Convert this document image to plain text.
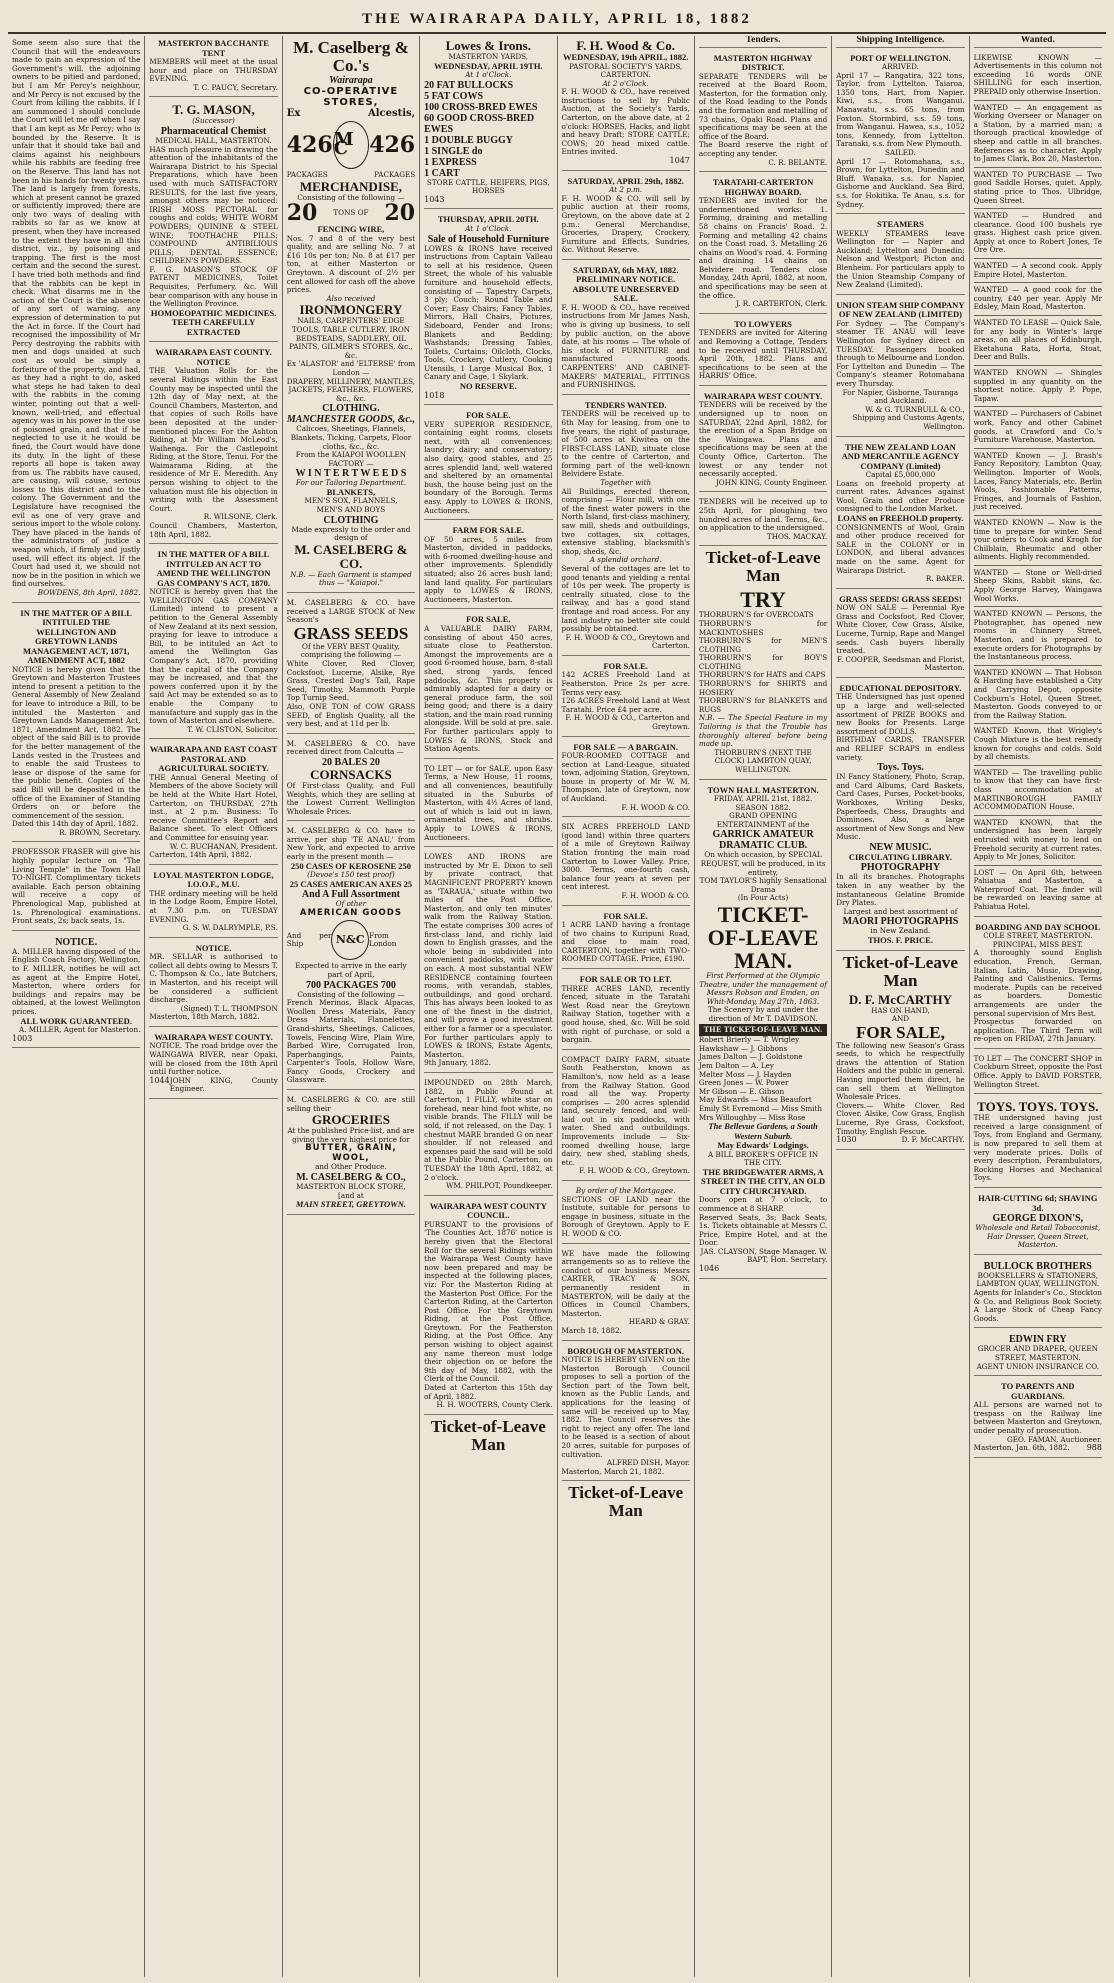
THE WAIRARAPA DAILY, APRIL 18, 1882
Some seem also sure that the Council that will the endeavours made to gain an expression of the Government's will, the adjoining owners to be pitied and pardoned, but I am Mr Percy's neighbour, and Mr Percy is not excused by the Court from killing the rabbits. If I am summoned I should conclude the Court will let me off when I say that I am kept as Mr Percy; who is bounded by the Reserve. It is unfair that it should take bail and claims against his neighbours while his rabbits are feeding free on the Reserve. This land has not been in his hands for twenty years. The land is largely from forests, which at present cannot be grazed or sufficiently improved; there are only two ways of dealing with rabbits so far as we know at present, when they have increased to the extent they have in all this district, viz., by poisoning and trapping. The first is the most certain and the second the surest. I have tried both methods and find that the rabbits can be kept in check. What disarms me in the action of the Court is the absence of any sort of warning, any expression of determination to put the Act in force. If the Court had recognised the impossibility of Mr Percy destroying the rabbits with men and dogs unaided at such cost as would be simply a forfeiture of the property, and had, as they had a right to do, asked what steps he had taken to deal with the rabbits in the coming winter, pointing out that a well-known, well-tried, and effectual agency was in his power in the use of poisoned grain, and that if he neglected to use it he would be fined, the Court would have done its duty. In the light of these reports all hope is taken away from us. The rabbits have caused, are causing, will cause, serious losses to this district and to the colony. The Government and the Legislature have recognised the evil as one of very grave and serious import to the whole colony. They have placed in the hands of the administrators of justice a weapon which, if firmly and justly used, will effect its object. If the Court had used it, we should not now be in the position in which we find ourselves.
BOWDENS, 8th April, 1882.
IN THE MATTER OF A BILL INTITULED THE WELLINGTON AND GREYTOWN LANDS MANAGEMENT ACT, 1871, AMENDMENT ACT, 1882
NOTICE is hereby given that the Greytown and Masterton Trustees intend to present a petition to the General Assembly of New Zealand for leave to introduce a Bill, to be intituled the Masterton and Greytown Lands Management Act, 1871, Amendment Act, 1882. The object of the said Bill is to provide for the better management of the Lands vested in the Trustees and to enable the said Trustees to lease or dispose of the same for the public benefit. Copies of the said Bill will be deposited in the office of the Examiner of Standing Orders on or before the commencement of the session.
Dated this 14th day of April, 1882.
R. BROWN, Secretary.
PROFESSOR FRASER will give his highly popular lecture on "The Living Temple" in the Town Hall TO-NIGHT. Complimentary tickets available. Each person obtaining will receive a copy of Phrenological Map, published at 1s. Phrenological examinations. Front seats, 2s; back seats, 1s.
NOTICE.
A. MILLER having disposed of the English Coach Factory, Wellington, to F. MILLER, notifies he will act as agent at the Empire Hotel, Masterton, where orders for buildings and repairs may be obtained, at the lowest Wellington prices.
ALL WORK GUARANTEED.
A. MILLER, Agent for Masterton.
1003
MASTERTON BACCHANTE TENT
MEMBERS will meet at the usual hour and place on THURSDAY EVENING.
T. C. PAUCY, Secretary.
T. G. MASON,
(Successor)
Pharmaceutical Chemist
MEDICAL HALL, MASTERTON.
HAS much pleasure in drawing the attention of the inhabitants of the Wairarapa District to his Special Preparations, which have been used with much SATISFACTORY RESULTS, for the last five years, amongst others may be noticed: IRISH MOSS PECTORAL for coughs and colds; WHITE WORM POWDERS; QUININE & STEEL WINE; TOOTHACHE PILLS; COMPOUND ANTIBILIOUS PILLS; DENTAL ESSENCE; CHILDREN'S POWDERS.
F. G. MASON'S STOCK OF PATENT MEDICINES, Toilet Requisites, Perfumery, &c. Will bear comparison with any house in the Wellington Province.
HOMOEOPATHIC MEDICINES.
TEETH CAREFULLY EXTRACTED
WAIRARAPA EAST COUNTY.
NOTICE
THE Valuation Rolls for the several Ridings within the East County may be inspected until the 12th day of May next, at the Council Chambers, Masterton, and that copies of such Rolls have been deposited at the under-mentioned places: For the Ashton Riding, at Mr William McLeod's, Waihenga. For the Castlepoint Riding, at the Store, Tenui. For the Waimarama Riding, at the residence of Mr E. Meredith. Any person wishing to object to the valuation must file his objection in writing with the Assessment Court.
R. WILSONE, Clerk.
Council Chambers, Masterton, 18th April, 1882.
IN THE MATTER OF A BILL INTITULED AN ACT TO AMEND THE WELLINGTON GAS COMPANY'S ACT, 1870.
NOTICE is hereby given that the WELLINGTON GAS COMPANY (Limited) intend to present a petition to the General Assembly of New Zealand at its next session, praying for leave to introduce a Bill, to be intituled an Act to amend the Wellington Gas Company's Act, 1870, providing that the capital of the Company may be increased, and that the powers conferred upon it by the said Act may be extended so as to enable the Company to manufacture and supply gas in the town of Masterton and elsewhere.
T. W. CLISTON, Solicitor.
WAIRARAPA AND EAST COAST PASTORAL AND AGRICULTURAL SOCIETY.
THE Annual General Meeting of Members of the above Society will be held at the White Hart Hotel, Carterton, on THURSDAY, 27th inst., at 2 p.m. Business: To receive Committee's Report and Balance sheet. To elect Officers and Committee for ensuing year.
W. C. BUCHANAN, President.
Carterton, 14th April, 1882.
LOYAL MASTERTON LODGE, I.O.O.F., M.U.
THE ordinary meeting will be held in the Lodge Room, Empire Hotel, at 7.30 p.m. on TUESDAY EVENING.
G. S. W. DALRYMPLE, P.S.
NOTICE.
MR. SELLAR is authorised to collect all debts owing to Messrs T. C. Thompson & Co., late Butchers, in Masterton, and his receipt will be considered a sufficient discharge.
(Signed) T. L. THOMPSON
Masterton, 18th March, 1882.
WAIRARAPA WEST COUNTY.
NOTICE. The road bridge over the WAINGAWA RIVER, near Opaki, will be closed from the 18th April until further notice.
1044 JOHN KING, County Engineer.
M. Caselberg & Co.'s
Wairarapa
CO-OPERATIVE STORES,
Ex	Alcestis,
426 M C 426
PACKAGES	PACKAGES
MERCHANDISE,
Consisting of the following —
20 TONS OF 20
FENCING WIRE,
Nos. 7 and 8 of the very best quality, and are selling No. 7 at £16 10s per ton; No. 8 at £17 per ton, at either Masterton or Greytown. A discount of 2½ per cent allowed for cash off the above prices.
Also received
IRONMONGERY
NAILS, CARPENTERS' EDGE TOOLS, TABLE CUTLERY, IRON BEDSTEADS, SADDLERY, OIL PAINTS, GILMER'S STORES, &c., &c.
Ex 'ALASTOR' and 'ELTERSE' from London —
DRAPERY, MILLINERY, MANTLES, JACKETS, FEATHERS, FLOWERS, &c., &c.
CLOTHING.
MANCHESTER GOODS, &c.,
Calicoes, Sheetings, Flannels, Blankets, Ticking, Carpets, Floor cloths, &c., &c.
From the KAIAPOI WOOLLEN FACTORY —
W I N T E R T W E E D S
For our Tailoring Department.
BLANKETS,
MEN'S SOX, FLANNELS,
MEN'S AND BOYS
CLOTHING
Made expressly to the order and design of
M. CASELBERG & CO.
N.B. — Each Garment is stamped thus — "Kaiapoi."
M. CASELBERG & CO. have received a LARGE STOCK of New Season's
GRASS SEEDS
Of the VERY BEST Quality, comprising the following —
White Clover, Red Clover, Cocksfoot, Lucerne, Alsike, Rye Grass, Crested Dog's Tail, Rape Seed, Timothy, Mammoth Purple Top Turnip Seed.
Also, ONE TON of COW GRASS SEED, of English Quality, all the very best, and at 11d per lb.
M. CASELBERG & CO. have received direct from Calcutta —
20 BALES 20
CORNSACKS
Of First-class Quality, and Full Weights, which they are selling at the Lowest Current Wellington Wholesale Prices.
M. CASELBERG & CO. have to arrive, per ship 'TE ANAU,' from New York, and expected to arrive early in the present month —
250 CASES OF KEROSENE 250
(Devoe's 150 test proof)
25 CASES AMERICAN AXES 25
And A Full Assortment
Of other
AMERICAN GOODS
And per Ship	N&C From London
Expected to arrive in the early part of April,
700 PACKAGES 700
Consisting of the following —
French Merinos, Black Alpacas, Woollen Dress Materials, Fancy Dress Materials, Flannelettes, Grand-shirts, Sheetings, Calicoes, Towels, Fencing Wire, Plain Wire, Barbed Wire, Corrugated Iron, Paperhangings, Paints, Carpenter's Tools, Hollow Ware, Fancy Goods, Crockery and Glassware.
M. CASELBERG & CO. are still selling their
GROCERIES
At the published Price-list, and are giving the very highest price for
BUTTER, GRAIN, WOOL,
and Other Produce.
M. CASELBERG & CO.,
MASTERTON BLOCK STORE,
[and at
MAIN STREET, GREYTOWN.
Lowes & Irons.
MASTERTON YARDS,
WEDNESDAY, APRIL 19TH.
At 1 o'Clock.
20 FAT BULLOCKS
5 FAT COWS
100 CROSS-BRED EWES
60 GOOD CROSS-BRED EWES
1 DOUBLE BUGGY
1 SINGLE do
1 EXPRESS
1 CART
STORE CATTLE, HEIFERS, PIGS, HORSES
1043
THURSDAY, APRIL 20TH.
At 1 o'Clock.
Sale of Household Furniture
LOWES & IRONS have received instructions from Captain Valleau to sell at his residence, Queen Street, the whole of his valuable furniture and household effects, consisting of — Tapestry Carpets, 3 ply; Couch; Round Table and Cover; Easy Chairs; Fancy Tables, Mirrors, Hall Chairs, Pictures, Sideboard, Fender and Irons; Blankets and Bedding; Washstands; Dressing Tables, Toilets, Curtains; Oilcloth, Clocks, Tools, Crockery, Cutlery, Cooking Utensils, 1 Large Musical Box, 1 Canary and Cage, 1 Skylark.
NO RESERVE.
1018
FOR SALE.
VERY SUPERIOR RESIDENCE, containing eight rooms, closets next, with all conveniences; laundry; dairy; and conservatory; also dairy, good stables, and 25 acres splendid land, well watered and sheltered by an ornamental bush, the house being just on the boundary of the Borough. Terms easy. Apply to LOWES & IRONS, Auctioneers.
FARM FOR SALE.
OF 50 acres, 5 miles from Masterton, divided in paddocks, with 6-roomed dwelling-house and other improvements. Splendidly situated; also 26 acres bush land; land land quality. For particulars apply to LOWES & IRONS, Auctioneers, Masterton.
FOR SALE.
A VALUABLE DAIRY FARM, consisting of about 450 acres, situate close to Featherston. Amongst the improvements are a good 6-roomed house, barn, 8-stall shed, strong yards, fenced paddocks, &c. This property is admirably adapted for a dairy or general produce farm, the soil being good; and there is a dairy station, and the main road running alongside. Will be sold at pre. sale. For further particulars apply to LOWES & IRONS, Stock and Station Agents.
TO LET — or for SALE, upon Easy Terms, a New House, 11 rooms, and all conveniences, beautifully situated in the Suburbs of Masterton, with 4½ Acres of land, out of which is laid out in lawn, ornamental trees, and shrubs. Apply to LOWES & IRONS, Auctioneers.
LOWES AND IRONS are instructed by Mr E. Dixon to sell by private contract, that MAGNIFICENT PROPERTY known as 'TARAUA,' situate within two miles of the Post Office, Masterton, and only ten minutes' walk from the Railway Station. The estate comprises 300 acres of first-class land, and richly laid down to English grasses, and the whole being in subdivided into convenient paddocks, with water on each. A most substantial NEW RESIDENCE containing fourteen rooms, with verandah, stables, outbuildings, and good orchard. This has always been looked to as one of the finest in the district, and will prove a good investment either for a farmer or a speculator. For further particulars apply to LOWES & IRONS, Estate Agents, Masterton.
9th January, 1882.
IMPOUNDED on 28th March, 1882, in Public Pound at Carterton, 1 FILLY, white star on forehead, near hind foot white, no visible brands. The FILLY will be sold, if not released, on the Day. 1 chestnut MARE branded G on near shoulder. If not released and expenses paid the said will be sold at the Public Pound, Carterton, on TUESDAY the 18th April, 1882, at 2 o'clock.
WM. PHILPOT, Poundkeeper.
WAIRARAPA WEST COUNTY COUNCIL.
PURSUANT to the provisions of 'The Counties Act, 1876' notice is hereby given that the Electoral Roll for the several Ridings within the Wairarapa West County have now been prepared and may be inspected at the following places, viz: For the Masterton Riding at the Masterton Post Office. For the Carterton Riding, at the Carterton Post Office. For the Greytown Riding, at the Post Office, Greytown. For the Featherston Riding, at the Post Office. Any person wishing to object against any name thereon must lodge their objection on or before the 9th day of May, 1882, with the Clerk of the Council.
Dated at Carterton this 15th day of April, 1882.
H. H. WOOTERS, County Clerk.
Ticket-of-Leave Man
F. H. Wood & Co.
WEDNESDAY, 19th APRIL, 1882.
PASTORAL SOCIETY'S YARDS, CARTERTON.
At 2 o'Clock.
F. H. WOOD & CO., have received instructions to sell by Public Auction, at the Society's Yards, Carterton, on the above date, at 2 o'clock: HORSES, Hacks, and light and heavy Draft; STORE CATTLE; COWS; 20 head mixed cattle. Entries invited.
1047
SATURDAY, APRIL 29th, 1882.
At 2 p.m.
F. H. WOOD & CO. will sell by public auction at their rooms, Greytown, on the above date at 2 p.m.: General Merchandise, Groceries, Drapery, Crockery, Furniture and Effects, Sundries, &c. Without Reserve.
SATURDAY, 6th MAY, 1882.
PRELIMINARY NOTICE.
ABSOLUTE UNRESERVED SALE.
F. H. WOOD & CO., have received instructions from Mr James Nash, who is giving up business, to sell by public auction, on the above date, at his rooms — The whole of his stock of FURNITURE and manufactured goods. CARPENTERS' AND CABINET-MAKERS' MATERIAL, FITTINGS and FURNISHINGS.
TENDERS WANTED.
TENDERS will be received up to 6th May for leasing, from one to five years, the right of pasturage, of 500 acres at Kiwitea on the FIRST-CLASS LAND, situate close to the centre of Carterton, and forming part of the well-known Belvidere Estate.
Together with
All Buildings, erected thereon, comprising — Flour mill, with one of the finest water powers in the North Island, first-class machinery, saw mill, sheds and outbuildings, two cottages, six cottages, extensive stabling, blacksmith's shop, sheds, &c.
A splendid orchard.
Several of the cottages are let to good tenants and yielding a rental of 10s per week. The property is centrally situated, close to the railway, and has a good stand frontage and road access. For any land industry no better site could possibly be obtained.
F. H. WOOD & CO., Greytown and Carterton.
FOR SALE.
142 ACRES Freehold Land at Featherston. Price 2s per acre. Terms very easy.
126 ACRES Freehold Land at West Taratahi. Price £4 per acre.
F. H. WOOD & CO., Carterton and Greytown.
FOR SALE — A BARGAIN.
FOUR-ROOMED COTTAGE and section at Land-League, situated town, adjoining Station, Greytown, house in property of Mr W. M. Thompson, late of Greytown, now of Auckland.
F. H. WOOD & CO.
SIX ACRES FREEHOLD LAND (good land) within three quarters of a mile of Greytown Railway Station fronting the main road Carterton to Lower Valley. Price, 3000. Terms, one-fourth cash, balance four years at seven per cent interest.
F. H. WOOD & CO.
FOR SALE.
1 ACRE LAND having a frontage of two chains to Kuripuni Road, and close to main road, CARTERTON, together with TWO-ROOMED COTTAGE. Price, £190.
FOR SALE OR TO LET.
THREE ACRES LAND, recently fenced, situate in the Taratahi West Road near the Greytown Railway Station, together with a good house, shed, &c. Will be sold with right of purchase, or sold a bargain.
COMPACT DAIRY FARM, situate South Featherston, known as Hamilton's, now held as a lease from the Railway Station. Good road all the way. Property comprises — 200 acres splendid land, securely fenced, and well-laid out in six paddocks, with water. Shed and outbuildings. Improvements include — Six-roomed dwelling house, large dairy, new shed, stabling sheds, etc.
F. H. WOOD & CO., Greytown.
By order of the Mortgagee.
SECTIONS OF LAND near the Institute, suitable for persons to engage in business, situate in the Borough of Greytown. Apply to F. H. WOOD & CO.
WE have made the following arrangements so as to relieve the conduct of our business: Messrs CARTER, TRACY & SON, permanently resident in MASTERTON, will be daily at the Offices in Council Chambers, Masterton.
HEARD & GRAY.
March 18, 1882.
BOROUGH OF MASTERTON.
NOTICE IS HEREBY GIVEN on the Masterton Borough Council proposes to sell a portion of the Section part of the Town belt, known as the Public Lands, and applications for the leasing of same will be received up to May, 1882. The Council reserves the right to reject any offer. The land to be leased is a section of about 20 acres, suitable for purposes of cultivation.
ALFRED DISH, Mayor.
Masterton, March 21, 1882.
Ticket-of-Leave Man
Tenders.
MASTERTON HIGHWAY DISTRICT.
SEPARATE TENDERS will be received at the Board Room, Masterton, for the formation only, of the Road leading to the Ponds and the formation and metalling of 73 chains, Opaki Road. Plans and specifications may be seen at the office of the Board.
The Board reserve the right of accepting any tender.
C. R. BELANTE.
TARATAHI-CARTERTON HIGHWAY BOARD.
TENDERS are invited for the undermentioned works: 1. Forming, draining and metalling 58 chains on Francis' Road. 2. Forming and metalling 42 chains on the Coast road. 3. Metalling 26 chains on Wood's road. 4. Forming and draining 14 chains on Belvidere road. Tenders close Monday, 24th April, 1882, at noon, and specifications may be seen at the office.
J. R. CARTERTON, Clerk.
TO LOWYERS
TENDERS are invited for Altering and Removing a Cottage, Tenders to be received until THURSDAY, April 20th, 1882. Plans and specifications to be seen at the HARRIS' Office.
WAIRARAPA WEST COUNTY.
TENDERS will be received by the undersigned up to noon on SATURDAY, 22nd April, 1882, for the erection of a Span Bridge on the Waingawa. Plans and specifications may be seen at the County Office, Carterton. The lowest or any tender not necessarily accepted.
JOHN KING, County Engineer.
TENDERS will be received up to 25th April, for ploughing two hundred acres of land. Terms, &c., on application to the undersigned.
THOS. MACKAY.
Ticket-of-Leave Man
TRY
THORBURN'S for OVERCOATS
THORBURN'S for MACKINTOSHES
THORBURN'S for MEN'S CLOTHING
THORBURN'S for BOY'S CLOTHING
THORBURN'S for HATS and CAPS
THORBURN'S for SHIRTS and HOSIERY
THORBURN'S for BLANKETS and RUGS
N.B. — The Special Feature in my Tailoring is that the Trouble has thoroughly altered before being made up.
THORBURN'S (NEXT THE CLOCK) LAMBTON QUAY, WELLINGTON.
TOWN HALL MASTERTON.
FRIDAY, APRIL 21st, 1882.
SEASON 1882.
GRAND OPENING ENTERTAINMENT of the
GARRICK AMATEUR DRAMATIC CLUB.
On which occasion, by SPECIAL REQUEST, will be produced, in its entirety,
TOM TAYLOR'S highly Sensational Drama
(In Four Acts)
TICKET-OF-LEAVE MAN.
First Performed at the Olympic Theatre, under the management of Messrs Robson and Emden, on Whit-Monday, May 27th, 1863.
The Scenery by and under the direction of Mr T. DAVIDSON.
THE TICKET-OF-LEAVE MAN.
Robert Brierly — T. Wrigley
Hawkshaw — J. Gibbons
James Dalton — J. Goldstone
Jem Dalton — A. Ley
Melter Moss — J. Hayden
Green Jones — W. Power
Mr Gibson — E. Gibson
May Edwards — Miss Beaufort
Emily St Evremond — Miss Smith
Mrs Willoughby — Miss Rose
The Bellevue Gardens, a South Western Suburb.
May Edwards' Lodgings.
A BILL BROKER'S OFFICE IN THE CITY.
THE BRIDGEWATER ARMS, A STREET IN THE CITY, AN OLD CITY CHURCHYARD.
Doors open at 7 o'clock, to commence at 8 SHARP.
Reserved Seats, 3s; Back Seats, 1s. Tickets obtainable at Messrs C. Price, Empire Hotel, and at the Door.
JAS. CLAYSON, Stage Manager. W. BAPT, Hon. Secretary.
1046
Shipping Intelligence.
PORT OF WELLINGTON.
ARRIVED.
April 17 — Rangatira, 322 tons, Taylor, from Lyttelton. Taiaroa, 1350 tons, Hart, from Napier. Kiwi, s.s., from Wanganui. Manawatu, s.s. 65 tons, from Foxton. Stormbird, s.s. 59 tons, from Wanganui. Hawea, s.s., 1052 tons, Kennedy, from Lyttelton. Taranaki, s.s. from New Plymouth.
SAILED.
April 17 — Rotomahana, s.s., Brown, for Lyttelton, Dunedin and Bluff. Wanaka, s.s. for Napier, Gisborne and Auckland. Sea Bird, s.s. for Hokitika. Te Anau, s.s. for Sydney.
STEAMERS
WEEKLY STEAMERS leave Wellington for — Napier and Auckland; Lyttelton and Dunedin; Nelson and Westport; Picton and Blenheim. For particulars apply to the Union Steamship Company of New Zealand (Limited).
UNION STEAM SHIP COMPANY OF NEW ZEALAND (LIMITED)
For Sydney — The Company's steamer TE ANAU will leave Wellington for Sydney direct on TUESDAY. Passengers booked through to Melbourne and London. For Lyttelton and Dunedin — The Company's steamer Rotomahana every Thursday.
For Napier, Gisborne, Tauranga and Auckland.
W. & G. TURNBULL & CO., Shipping and Customs Agents, Wellington.
THE NEW ZEALAND LOAN AND MERCANTILE AGENCY COMPANY (Limited)
Capital £5,000,000
Loans on freehold property at current rates. Advances against Wool, Grain and other Produce consigned to the London Market.
LOANS on FREEHOLD property.
CONSIGNMENTS of Wool, Grain and other produce received for SALE in the COLONY or in LONDON, and liberal advances made on the same. Agent for Wairarapa District.
R. BAKER.
GRASS SEEDS! GRASS SEEDS!
NOW ON SALE — Perennial Rye Grass and Cocksfoot, Red Clover, White Clover, Cow Grass, Alsike, Lucerne, Turnip, Rape and Mangel seeds. Cash buyers liberally treated.
F. COOPER, Seedsman and Florist, Masterton.
EDUCATIONAL DEPOSITORY.
THE Undersigned has just opened up a large and well-selected assortment of PRIZE BOOKS and new Books for Presents. Large assortment of DOLLS.
BIRTHDAY CARDS, TRANSFER and RELIEF SCRAPS in endless variety.
Toys. Toys.
IN Fancy Stationery, Photo, Scrap, and Card Albums, Card Baskets, Card Cases, Purses, Pocket-books, Workboxes, Writing Desks, Paperfeeds, Chess, Draughts and Dominoes. Also, a large assortment of New Songs and New Music.
NEW MUSIC.
CIRCULATING LIBRARY.
PHOTOGRAPHY
In all its branches. Photographs taken in any weather by the instantaneous Gelatine Bromide Dry Plates.
Largest and best assortment of
MAORI PHOTOGRAPHS
in New Zealand.
THOS. F. PRICE.
Ticket-of-Leave Man
D. F. McCARTHY
HAS ON HAND,
AND
FOR SALE,
The following new Season's Grass seeds, to which he respectfully draws the attention of Station Holders and the public in general. Having imported them direct, he can sell them at Wellington Wholesale Prices.
Clovers.— White Clover, Red Clover, Alsike, Cow Grass, English Lucerne, Rye Grass, Cocksfoot, Timothy, English Fescue.
1030	D. F. McCARTHY.
Wanted.
LIKEWISE KNOWN — Advertisements in this column not exceeding 16 words ONE SHILLING for each insertion, PREPAID only otherwise Insertion.
WANTED — An engagement as Working Overseer or Manager on a Station, by a married man; a thorough practical knowledge of sheep and cattle in all branches. References as to character. Apply to James Clark, Box 20, Masterton.
WANTED TO PURCHASE — Two good Saddle Horses, quiet. Apply, stating price to Thos. Ulbridge, Queen Street.
WANTED — Hundred and clearance. Good 100 bushels rye grass. Highest cash price given. Apply at once to Robert Jones, Te Ore Ore.
WANTED — A second cook. Apply Empire Hotel, Masterton.
WANTED — A good cook for the country, £40 per year. Apply Mr Edsley, Main Road, Masterton.
WANTED TO LEASE — Quick Sale, for any body in Winter's large areas, on all places of Edinburgh, Eketahuna Rata, Horta, Stoat, Deer and Bulls.
WANTED KNOWN — Shingles supplied in any quantity on the shortest notice. Apply P. Pope, Tapaw.
WANTED — Purchasers of Cabinet work, Fancy and other Cabinet goods, at Crawford and Co.'s Furniture Warehouse, Masterton.
WANTED Known — J. Brash's Fancy Repository, Lambton Quay, Wellington. Importer of Wools, Laces, Fancy Materials, etc. Berlin Wools, Fashionable Patterns, Fringes, and Journals of Fashion, just received.
WANTED KNOWN — Now is the time to prepare for winter. Send your orders to Cook and Krogh for Chilblain, Rheumatic and other ailments. Highly recommended.
WANTED — Stone or Well-dried Sheep Skins, Rabbit skins, &c. Apply George Harvey, Waingawa Wool Works.
WANTED KNOWN — Persons, the Photographer, has opened new rooms in Chinnery Street, Masterton, and is prepared to execute orders for Photographs by the Instantaneous process.
WANTED KNOWN — That Hobson & Harding have established a City and Carrying Depot, opposite Cockburn's Hotel, Queen Street, Masterton. Goods conveyed to or from the Railway Station.
WANTED Known, that Wrigley's Cough Mixture is the best remedy known for coughs and colds. Sold by all chemists.
WANTED — The travelling public to know that they can have first-class accommodation at MARTINBOROUGH FAMILY ACCOMMODATION House.
WANTED KNOWN, that the undersigned has been largely entrusted with money to lend on Freehold security at current rates. Apply to Mr Jones, Solicitor.
LOST — On April 6th, between Pahiatua and Masterton, a Waterproof Coat. The finder will be rewarded on leaving same at Pahiatua Hotel.
BOARDING AND DAY SCHOOL
COLE STREET, MASTERTON.
PRINCIPAL, MISS BEST.
A thoroughly sound English education, French, German, Italian, Latin, Music, Drawing, Painting and Calisthenics. Terms moderate. Pupils can be received as boarders. Domestic arrangements are under the personal supervision of Mrs Best.
Prospectus forwarded on application. The Third Term will re-open on FRIDAY, 27th January.
TO LET — The CONCERT SHOP in Cockburn Street, opposite the Post Office. Apply to DAVID FORSTER, Wellington Street.
TOYS. TOYS. TOYS.
THE undersigned having just received a large consignment of Toys, from England and Germany, is now prepared to sell them at very moderate prices. Dolls of every description, Perambulators, Rocking Horses and Mechanical Toys.
HAIR-CUTTING 6d; SHAVING 3d.
GEORGE DIXON'S,
Wholesale and Retail Tobacconist, Hair Dresser, Queen Street, Masterton.
BULLOCK BROTHERS
BOOKSELLERS & STATIONERS,
LAMBTON QUAY, WELLINGTON.
Agents for Inlander's Co., Stockton & Co. and Religious Book Society. A Large Stock of Cheap Fancy Goods.
EDWIN FRY
GROCER AND DRAPER, QUEEN STREET, MASTERTON.
AGENT UNION INSURANCE CO.
TO PARENTS AND GUARDIANS.
ALL persons are warned not to trespass on the Railway line between Masterton and Greytown, under penalty of prosecution.
GEO. FAMAN, Auctioneer.
Masterton, Jan. 6th, 1882. 988
